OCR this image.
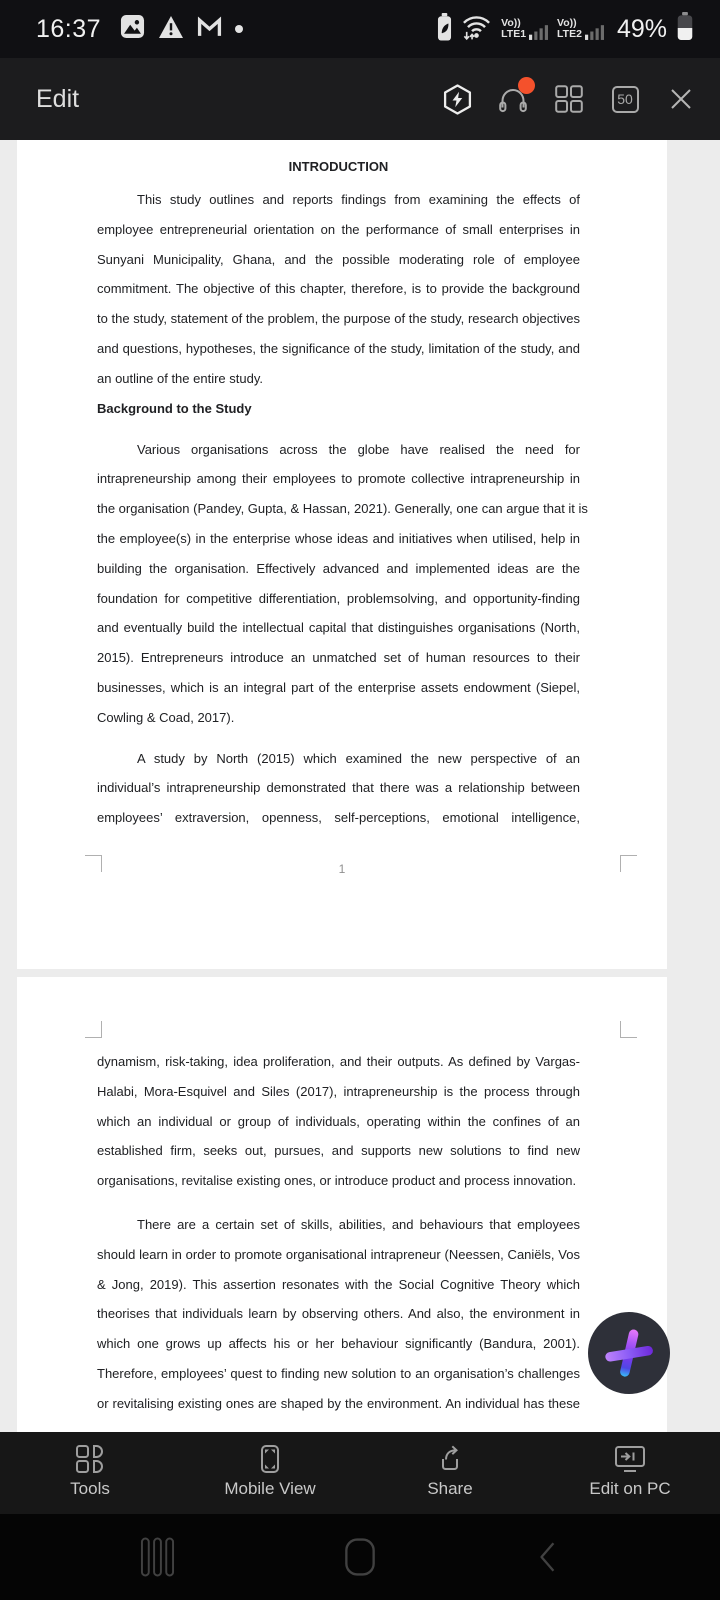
16:37	Vo))
LTE1
Vo))
LTE2 49%
Edit	50
INTRODUCTION
This study outlines and reports findings from examining the effects of
employee entrepreneurial orientation on the performance of small enterprises in
Sunyani Municipality, Ghana, and the possible moderating role of employee
commitment. The objective of this chapter, therefore, is to provide the background
to the study, statement of the problem, the purpose of the study, research objectives
and questions, hypotheses, the significance of the study, limitation of the study, and
an outline of the entire study.
Background to the Study
Various organisations across the globe have realised the need for
intrapreneurship among their employees to promote collective intrapreneurship in
the organisation (Pandey, Gupta, & Hassan, 2021). Generally, one can argue that it is
the employee(s) in the enterprise whose ideas and initiatives when utilised, help in
building the organisation. Effectively advanced and implemented ideas are the
foundation for competitive differentiation, problemsolving, and opportunity-finding
and eventually build the intellectual capital that distinguishes organisations (North,
2015). Entrepreneurs introduce an unmatched set of human resources to their
businesses, which is an integral part of the enterprise assets endowment (Siepel,
Cowling & Coad, 2017).
A study by North (2015) which examined the new perspective of an
individual’s intrapreneurship demonstrated that there was a relationship between
employees’ extraversion, openness, self-perceptions, emotional intelligence,
1
dynamism, risk-taking, idea proliferation, and their outputs. As defined by Vargas-
Halabi, Mora-Esquivel and Siles (2017), intrapreneurship is the process through
which an individual or group of individuals, operating within the confines of an
established firm, seeks out, pursues, and supports new solutions to find new
organisations, revitalise existing ones, or introduce product and process innovation.
There are a certain set of skills, abilities, and behaviours that employees
should learn in order to promote organisational intrapreneur (Neessen, Caniëls, Vos
& Jong, 2019). This assertion resonates with the Social Cognitive Theory which
theorises that individuals learn by observing others. And also, the environment in
which one grows up affects his or her behaviour significantly (Bandura, 2001).
Therefore, employees’ quest to finding new solution to an organisation’s challenges
or revitalising existing ones are shaped by the environment. An individual has these
Tools	Mobile View	Share	Edit on PC
